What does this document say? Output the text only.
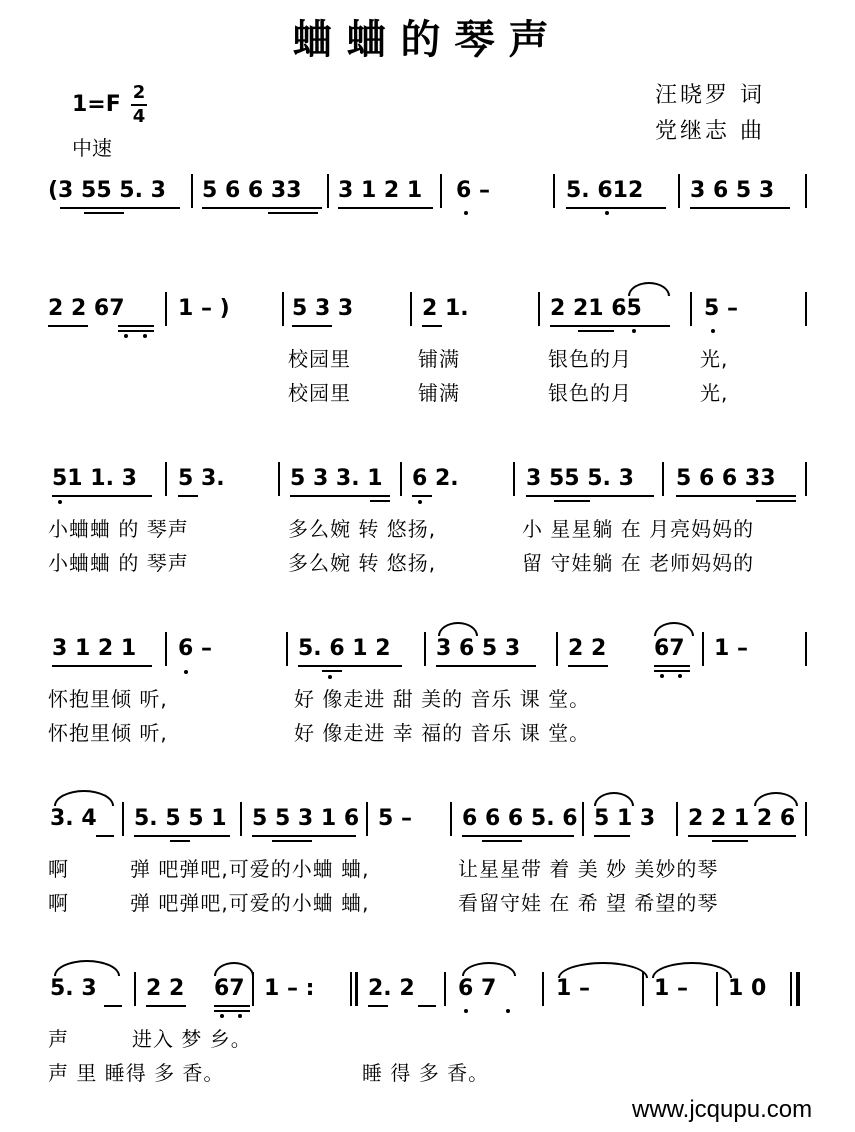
蛐蛐的琴声
1=F 2
4
中速
汪晓罗 词
党继志 曲
(3 55 5. 3 5 6 6 33 3 1 2 1 6 –	5. 612 3 6 5 3
2 2 67 1 – )	5 3 3	2 1.	2 21 65	5 –
校园里	铺满	银色的月	光,
校园里	铺满	银色的月	光,
51 1. 3 5 3.	5 3 3. 1 6 2.	3 55 5. 3 5 6 6 33
小蛐蛐 的 琴声	多么婉 转 悠扬,	小 星星躺 在 月亮妈妈的
小蛐蛐 的 琴声	多么婉 转 悠扬,	留 守娃躺 在 老师妈妈的
3 1 2 1 6 –	5. 6 1 2 3 6 5 3 2 2 67 1 –
怀抱里倾 听,	好 像走进 甜 美的 音乐 课 堂。
怀抱里倾 听,	好 像走进 幸 福的 音乐 课 堂。
3. 4 5. 5 5 1 5 5 3 1 6 5 – 6 6 6 5. 6 5 1 3 2 2 1 2 6
啊	弹 吧弹吧,可爱的小蛐 蛐,	让星星带 着 美 妙 美妙的琴
啊	弹 吧弹吧,可爱的小蛐 蛐,	看留守娃 在 希 望 希望的琴
5. 3 2 2 67 1 – : 2. 2 6 7	1 –	1 – 1 0
声	进入 梦 乡。
声 里 睡得 多 香。	睡 得 多 香。
www.jcqupu.com
